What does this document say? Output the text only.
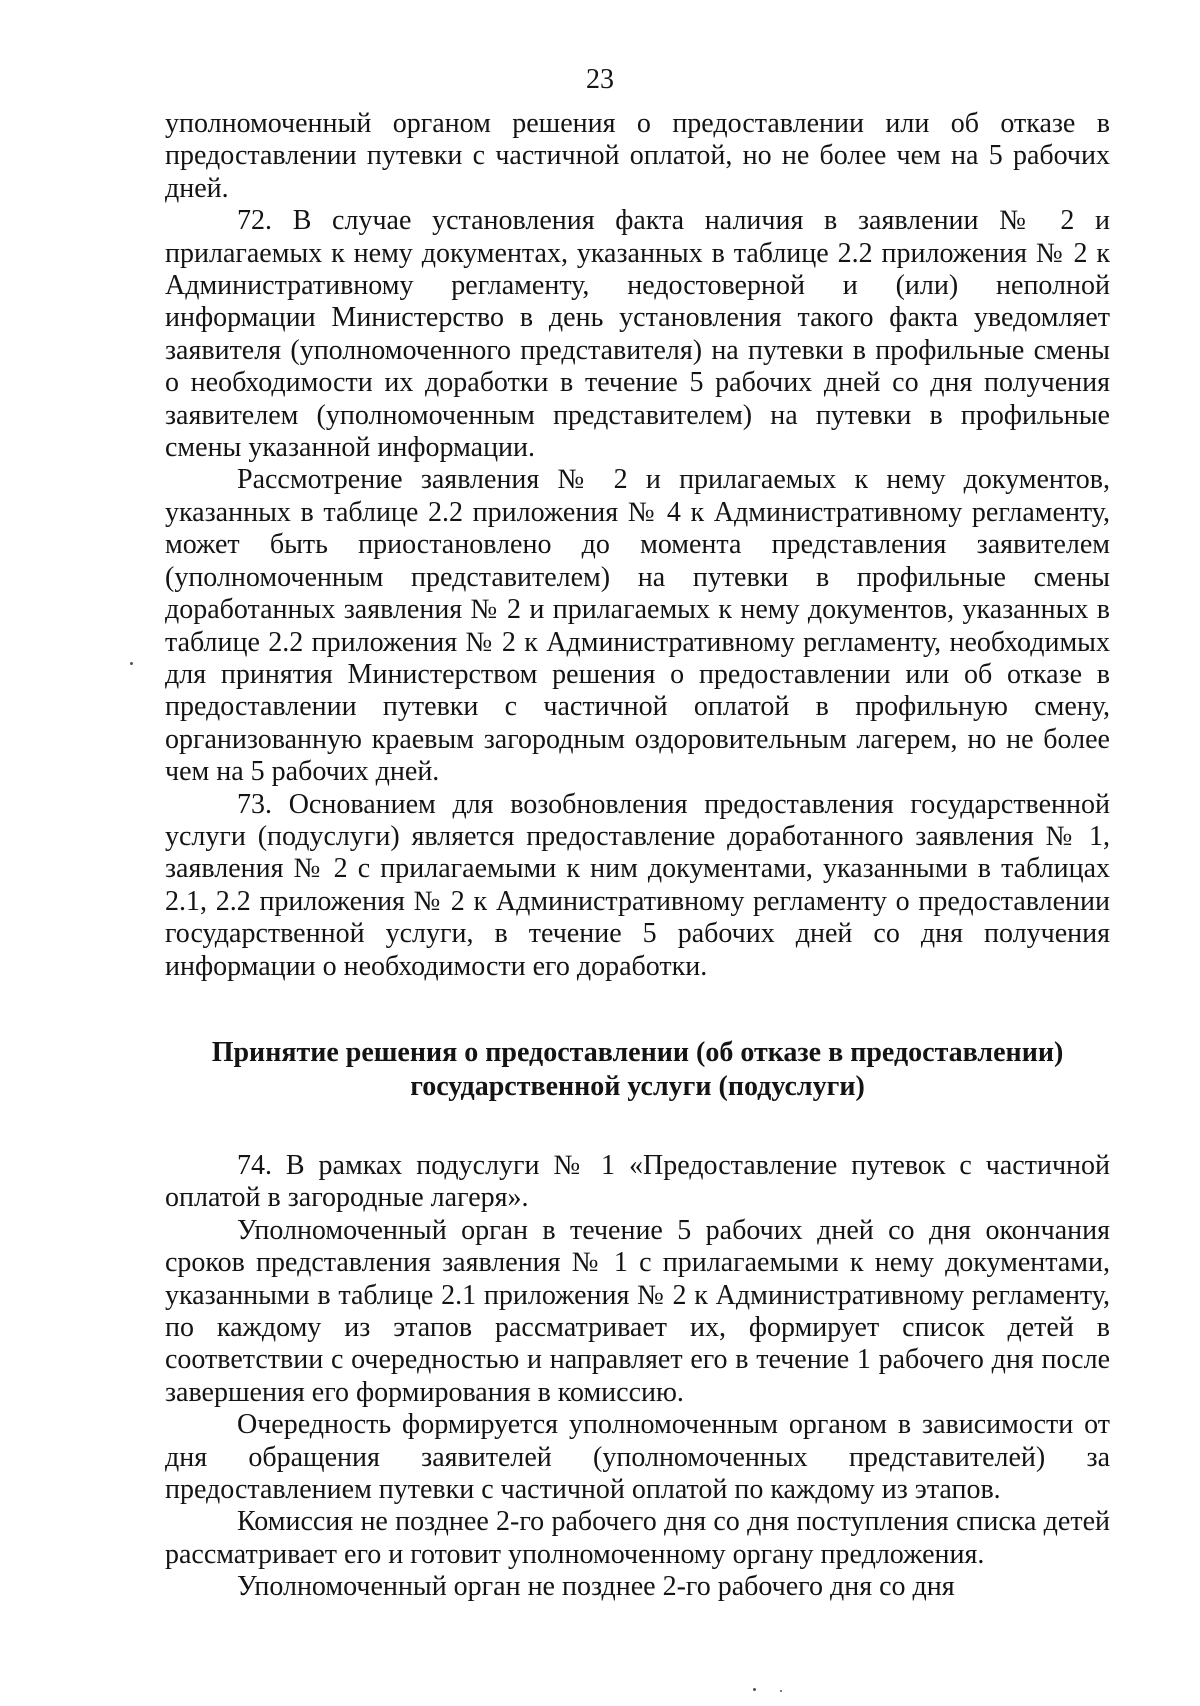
23

уполномоченный органом решения о предоставлении или об отказе в предоставлении путевки с частичной оплатой, но не более чем на 5 рабочих дней.

72. В случае установления факта наличия в заявлении № 2 и прилагаемых к нему документах, указанных в таблице 2.2 приложения № 2 к Административному регламенту, недостоверной и (или) неполной информации Министерство в день установления такого факта уведомляет заявителя (уполномоченного представителя) на путевки в профильные смены о необходимости их доработки в течение 5 рабочих дней со дня получения заявителем (уполномоченным представителем) на путевки в профильные смены указанной информации.

Рассмотрение заявления № 2 и прилагаемых к нему документов, указанных в таблице 2.2 приложения № 4 к Административному регламенту, может быть приостановлено до момента представления заявителем (уполномоченным представителем) на путевки в профильные смены доработанных заявления № 2 и прилагаемых к нему документов, указанных в таблице 2.2 приложения № 2 к Административному регламенту, необходимых для принятия Министерством решения о предоставлении или об отказе в предоставлении путевки с частичной оплатой в профильную смену, организованную краевым загородным оздоровительным лагерем, но не более чем на 5 рабочих дней.

73. Основанием для возобновления предоставления государственной услуги (подуслуги) является предоставление доработанного заявления № 1, заявления № 2 с прилагаемыми к ним документами, указанными в таблицах 2.1, 2.2 приложения № 2 к Административному регламенту о предоставлении государственной услуги, в течение 5 рабочих дней со дня получения информации о необходимости его доработки.

Принятие решения о предоставлении (об отказе в предоставлении)
государственной услуги (подуслуги)

74. В рамках подуслуги № 1 «Предоставление путевок с частичной оплатой в загородные лагеря».

Уполномоченный орган в течение 5 рабочих дней со дня окончания сроков представления заявления № 1 с прилагаемыми к нему документами, указанными в таблице 2.1 приложения № 2 к Административному регламенту, по каждому из этапов рассматривает их, формирует список детей в соответствии с очередностью и направляет его в течение 1 рабочего дня после завершения его формирования в комиссию.

Очередность формируется уполномоченным органом в зависимости от дня обращения заявителей (уполномоченных представителей) за предоставлением путевки с частичной оплатой по каждому из этапов.

Комиссия не позднее 2-го рабочего дня со дня поступления списка детей рассматривает его и готовит уполномоченному органу предложения.

Уполномоченный орган не позднее 2-го рабочего дня со дня
